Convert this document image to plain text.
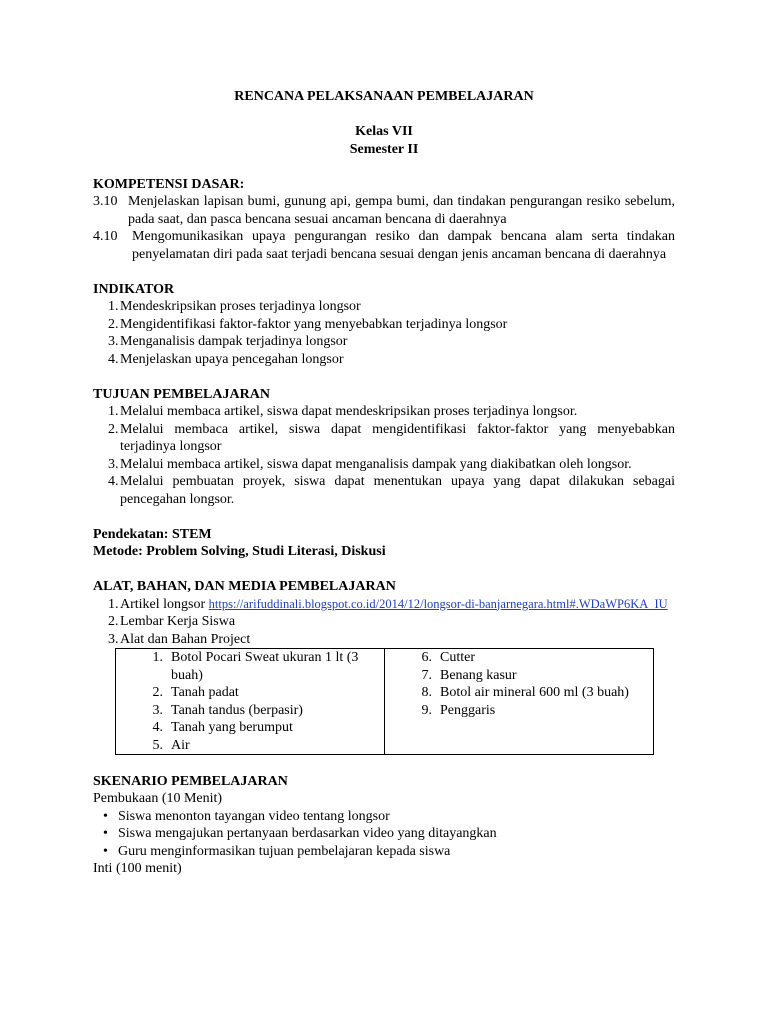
RENCANA PELAKSANAAN PEMBELAJARAN
Kelas VII
Semester II
KOMPETENSI DASAR:
3.10 Menjelaskan lapisan bumi, gunung api, gempa bumi, dan tindakan pengurangan resiko sebelum, pada saat, dan pasca bencana sesuai ancaman bencana di daerahnya
4.10	Mengomunikasikan upaya pengurangan resiko dan dampak bencana alam serta tindakan penyelamatan diri pada saat terjadi bencana sesuai dengan jenis ancaman bencana di daerahnya
INDIKATOR
1. Mendeskripsikan proses terjadinya longsor
2. Mengidentifikasi faktor-faktor yang menyebabkan terjadinya longsor
3. Menganalisis dampak terjadinya longsor
4. Menjelaskan upaya pencegahan longsor
TUJUAN PEMBELAJARAN
1. Melalui membaca artikel, siswa dapat mendeskripsikan proses terjadinya longsor.
2. Melalui membaca artikel, siswa dapat mengidentifikasi faktor-faktor yang menyebabkan terjadinya longsor
3. Melalui membaca artikel, siswa dapat menganalisis dampak yang diakibatkan oleh longsor.
4. Melalui pembuatan proyek, siswa dapat menentukan upaya yang dapat dilakukan sebagai pencegahan longsor.
Pendekatan: STEM
Metode: Problem Solving, Studi Literasi, Diskusi
ALAT, BAHAN, DAN MEDIA PEMBELAJARAN
1. Artikel longsor https://arifuddinali.blogspot.co.id/2014/12/longsor-di-banjarnegara.html#.WDaWP6KA_IU
2. Lembar Kerja Siswa
3. Alat dan Bahan Project
1. Botol Pocari Sweat ukuran 1 lt (3 buah)
2. Tanah padat
3. Tanah tandus (berpasir)
4. Tanah yang berumput
5. Air

6. Cutter
7. Benang kasur
8. Botol air mineral 600 ml (3 buah)
9. Penggaris
SKENARIO PEMBELAJARAN
Pembukaan (10 Menit)
• Siswa menonton tayangan video tentang longsor
• Siswa mengajukan pertanyaan berdasarkan video yang ditayangkan
• Guru menginformasikan tujuan pembelajaran kepada siswa
Inti (100 menit)
